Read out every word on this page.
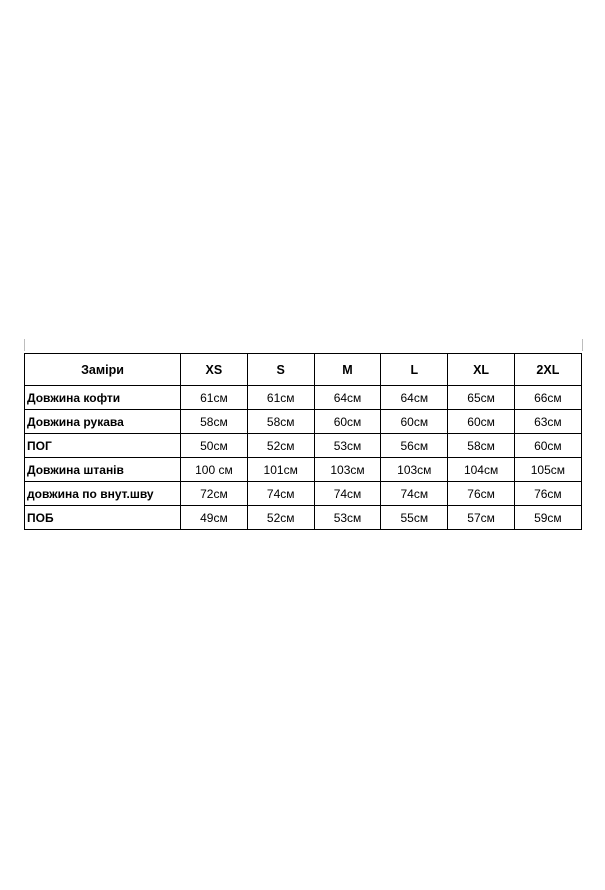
Заміри	XS	S	M	L	XL	2XL
Довжина кофти	61см	61см	64см	64см	65см	66см
Довжина рукава	58см	58см	60см	60см	60см	63см
ПОГ	50см	52см	53см	56см	58см	60см
Довжина штанів	100 см	101см	103см	103см	104см	105см
довжина по внут.шву	72см	74см	74см	74см	76см	76см
ПОБ	49см	52см	53см	55см	57см	59см
